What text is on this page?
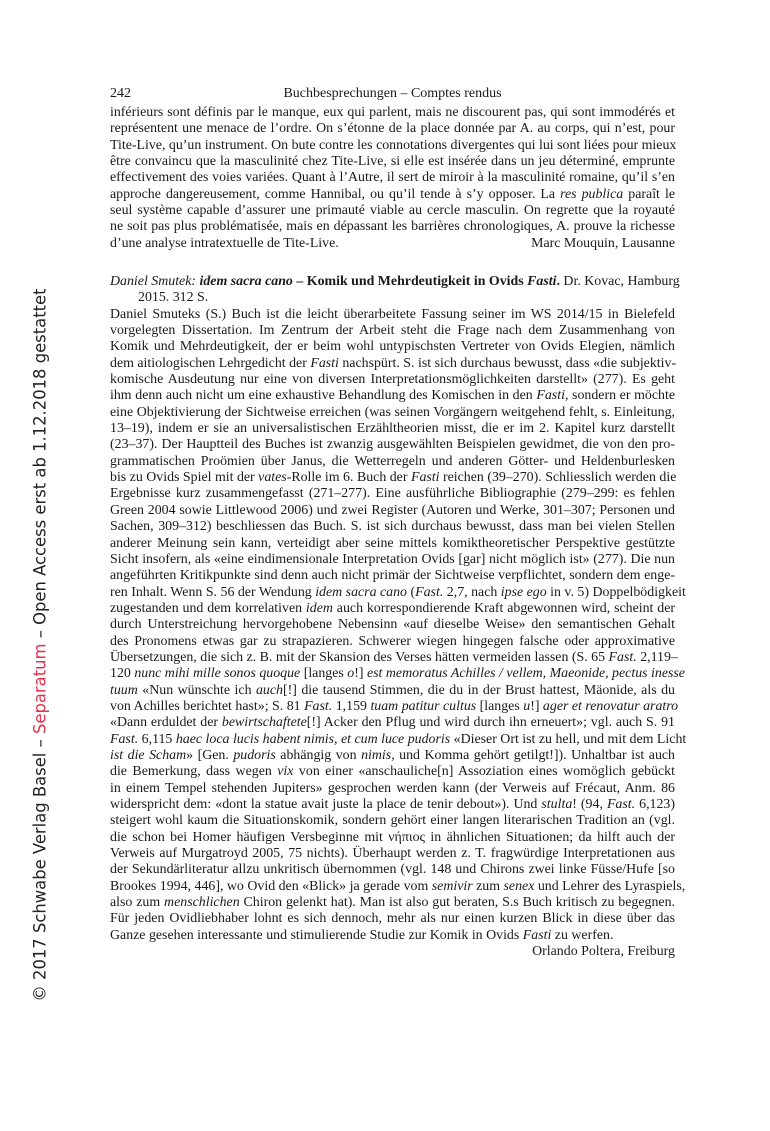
242	Buchbesprechungen – Comptes rendus
inférieurs sont définis par le manque, eux qui parlent, mais ne discourent pas, qui sont immodérés et
représentent une menace de l’ordre. On s’étonne de la place donnée par A. au corps, qui n’est, pour
Tite-Live, qu’un instrument. On bute contre les connotations divergentes qui lui sont liées pour mieux
être convaincu que la masculinité chez Tite-Live, si elle est insérée dans un jeu déterminé, emprunte
effectivement des voies variées. Quant à l’Autre, il sert de miroir à la masculinité romaine, qu’il s’en
approche dangereusement, comme Hannibal, ou qu’il tende à s’y opposer. La res publica paraît le
seul système capable d’assurer une primauté viable au cercle masculin. On regrette que la royauté
ne soit pas plus problématisée, mais en dépassant les barrières chronologiques, A. prouve la richesse
d’une analyse intratextuelle de Tite-Live.	Marc Mouquin, Lausanne
Daniel Smutek: idem sacra cano – Komik und Mehrdeutigkeit in Ovids Fasti. Dr. Kovac, Hamburg
2015. 312 S.
Daniel Smuteks (S.) Buch ist die leicht überarbeitete Fassung seiner im WS 2014/15 in Bielefeld
vorgelegten Dissertation. Im Zentrum der Arbeit steht die Frage nach dem Zusammenhang von
Komik und Mehrdeutigkeit, der er beim wohl untypischsten Vertreter von Ovids Elegien, nämlich
dem aitiologischen Lehrgedicht der Fasti nachspürt. S. ist sich durchaus bewusst, dass «die subjektiv-
komische Ausdeutung nur eine von diversen Interpretationsmöglichkeiten darstellt» (277). Es geht
ihm denn auch nicht um eine exhaustive Behandlung des Komischen in den Fasti, sondern er möchte
eine Objektivierung der Sichtweise erreichen (was seinen Vorgängern weitgehend fehlt, s. Einleitung,
13–19), indem er sie an universalistischen Erzähltheorien misst, die er im 2. Kapitel kurz darstellt
(23–37). Der Hauptteil des Buches ist zwanzig ausgewählten Beispielen gewidmet, die von den pro-
grammatischen Proömien über Janus, die Wetterregeln und anderen Götter- und Heldenburlesken
bis zu Ovids Spiel mit der vates-Rolle im 6. Buch der Fasti reichen (39–270). Schliesslich werden die
Ergebnisse kurz zusammengefasst (271–277). Eine ausführliche Bibliographie (279–299: es fehlen
Green 2004 sowie Littlewood 2006) und zwei Register (Autoren und Werke, 301–307; Personen und
Sachen, 309–312) beschliessen das Buch. S. ist sich durchaus bewusst, dass man bei vielen Stellen
anderer Meinung sein kann, verteidigt aber seine mittels komiktheoretischer Perspektive gestützte
Sicht insofern, als «eine eindimensionale Interpretation Ovids [gar] nicht möglich ist» (277). Die nun
angeführten Kritikpunkte sind denn auch nicht primär der Sichtweise verpflichtet, sondern dem enge-
ren Inhalt. Wenn S. 56 der Wendung idem sacra cano (Fast. 2,7, nach ipse ego in v. 5) Doppelbödigkeit
zugestanden und dem korrelativen idem auch korrespondierende Kraft abgewonnen wird, scheint der
durch Unterstreichung hervorgehobene Nebensinn «auf dieselbe Weise» den semantischen Gehalt
des Pronomens etwas gar zu strapazieren. Schwerer wiegen hingegen falsche oder approximative
Übersetzungen, die sich z. B. mit der Skansion des Verses hätten vermeiden lassen (S. 65 Fast. 2,119–
120 nunc mihi mille sonos quoque [langes o!] est memoratus Achilles / vellem, Maeonide, pectus inesse
tuum «Nun wünschte ich auch[!] die tausend Stimmen, die du in der Brust hattest, Mäonide, als du
von Achilles berichtet hast»; S. 81 Fast. 1,159 tuam patitur cultus [langes u!] ager et renovatur aratro
«Dann erduldet der bewirtschaftete[!] Acker den Pflug und wird durch ihn erneuert»; vgl. auch S. 91
Fast. 6,115 haec loca lucis habent nimis, et cum luce pudoris «Dieser Ort ist zu hell, und mit dem Licht
ist die Scham» [Gen. pudoris abhängig von nimis, und Komma gehört getilgt!]). Unhaltbar ist auch
die Bemerkung, dass wegen vix von einer «anschauliche[n] Assoziation eines womöglich gebückt
in einem Tempel stehenden Jupiters» gesprochen werden kann (der Verweis auf Frécaut, Anm. 86
widerspricht dem: «dont la statue avait juste la place de tenir debout»). Und stulta! (94, Fast. 6,123)
steigert wohl kaum die Situationskomik, sondern gehört einer langen literarischen Tradition an (vgl.
die schon bei Homer häufigen Versbeginne mit νήπιος in ähnlichen Situationen; da hilft auch der
Verweis auf Murgatroyd 2005, 75 nichts). Überhaupt werden z. T. fragwürdige Interpretationen aus
der Sekundärliteratur allzu unkritisch übernommen (vgl. 148 und Chirons zwei linke Füsse/Hufe [so
Brookes 1994, 446], wo Ovid den «Blick» ja gerade vom semivir zum senex und Lehrer des Lyraspiels,
also zum menschlichen Chiron gelenkt hat). Man ist also gut beraten, S.s Buch kritisch zu begegnen.
Für jeden Ovidliebhaber lohnt es sich dennoch, mehr als nur einen kurzen Blick in diese über das
Ganze gesehen interessante und stimulierende Studie zur Komik in Ovids Fasti zu werfen.
Orlando Poltera, Freiburg
© 2017 Schwabe Verlag Basel – Separatum – Open Access erst ab 1.12.2018 gestattet
